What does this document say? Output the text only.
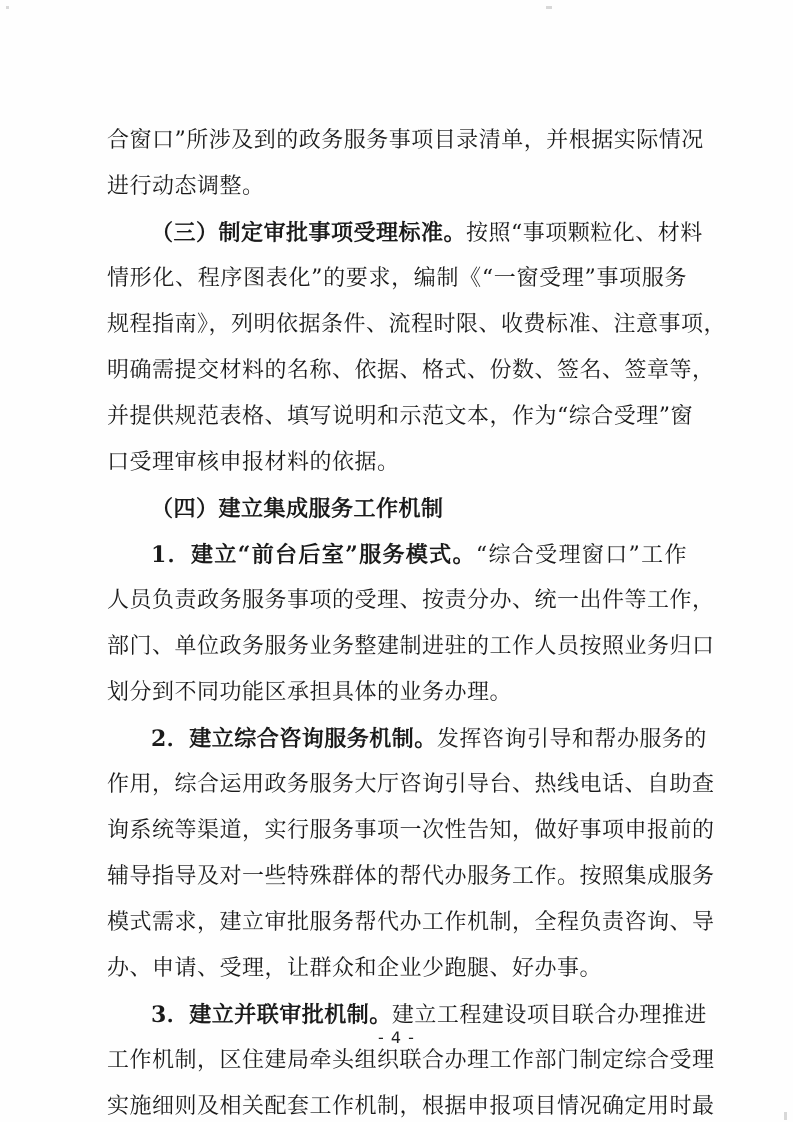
合窗口”所涉及到的政务服务事项目录清单，并根据实际情况
进行动态调整。
（三）制定审批事项受理标准。按照“事项颗粒化、材料
情形化、程序图表化”的要求，编制《“一窗受理”事项服务
规程指南》，列明依据条件、流程时限、收费标准、注意事项，
明确需提交材料的名称、依据、格式、份数、签名、签章等，
并提供规范表格、填写说明和示范文本，作为“综合受理”窗
口受理审核申报材料的依据。
（四）建立集成服务工作机制
1．建立“前台后室”服务模式。“综合受理窗口”工作
人员负责政务服务事项的受理、按责分办、统一出件等工作，
部门、单位政务服务业务整建制进驻的工作人员按照业务归口
划分到不同功能区承担具体的业务办理。
2．建立综合咨询服务机制。发挥咨询引导和帮办服务的
作用，综合运用政务服务大厅咨询引导台、热线电话、自助查
询系统等渠道，实行服务事项一次性告知，做好事项申报前的
辅导指导及对一些特殊群体的帮代办服务工作。按照集成服务
模式需求，建立审批服务帮代办工作机制，全程负责咨询、导
办、申请、受理，让群众和企业少跑腿、好办事。
3．建立并联审批机制。建立工程建设项目联合办理推进
工作机制，区住建局牵头组织联合办理工作部门制定综合受理
实施细则及相关配套工作机制，根据申报项目情况确定用时最
- 4 -
